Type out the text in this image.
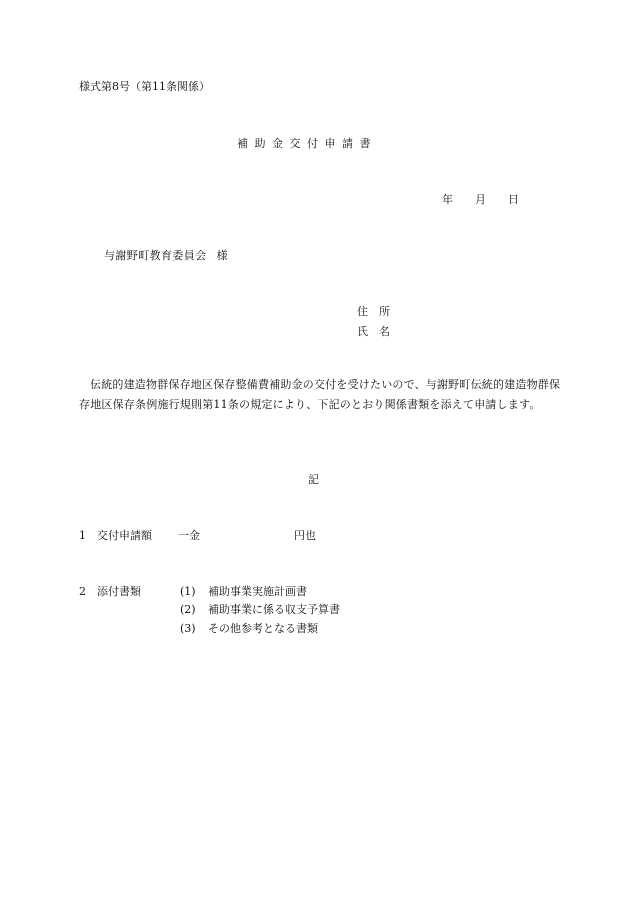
様式第8号（第11条関係）
補助金交付申請書
年 月 日
与謝野町教育委員会 様
住 所
氏 名
伝統的建造物群保存地区保存整備費補助金の交付を受けたいので、与謝野町伝統的建造物群保存地区保存条例施行規則第11条の規定により、下記のとおり関係書類を添えて申請します。
記
1 交付申請額 一金	円也
2 添付書類	(1) 補助事業実施計画書
(2) 補助事業に係る収支予算書
(3) その他参考となる書類
